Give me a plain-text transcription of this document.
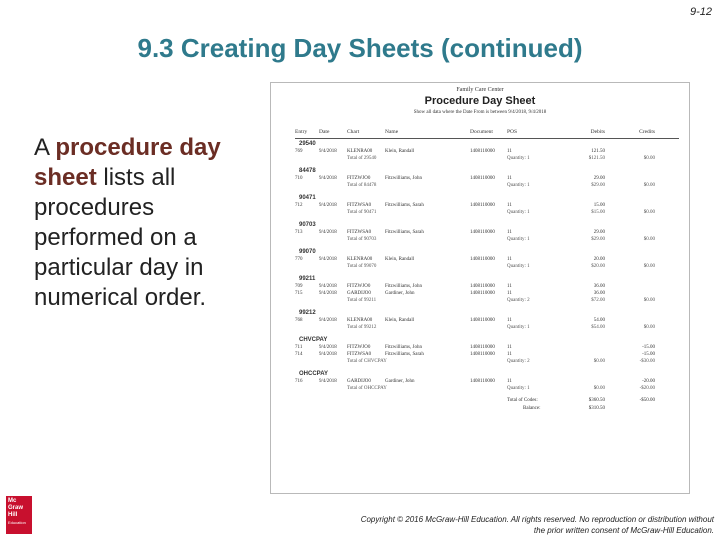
9-12
9.3 Creating Day Sheets (continued)
A procedure day sheet lists all procedures performed on a particular day in numerical order.
Family Care Center
Procedure Day Sheet
Show all data where the Date From is between 9/4/2018, 9/4/2018
Entry Date	Chart	Name	Document	POS	Debits	Credits
29540
769	9/4/2018 KLENRA00	Klein, Randall	1408110000 11	121.50
Total of 29540	Quantity: 1	$121.50	$0.00
84478
710	9/4/2018 FITZWJO0	Fitzwilliams, John	1408110000 11	29.00
Total of 84478	Quantity: 1	$29.00	$0.00
90471
712	9/4/2018 FITZWSA0	Fitzwilliams, Sarah	1408110000 11	15.00
Total of 90471	Quantity: 1	$15.00	$0.00
90703
713	9/4/2018 FITZWSA0	Fitzwilliams, Sarah	1408110000 11	29.00
Total of 90703	Quantity: 1	$29.00	$0.00
99070
770	9/4/2018 KLENRA00	Klein, Randall	1408110000 11	20.00
Total of 99070	Quantity: 1	$20.00	$0.00
99211
709	9/4/2018 FITZWJO0	Fitzwilliams, John	1408110000 11	36.00
715	9/4/2018 GARDIJO0	Gardiner, John	1408110000 11	36.00
Total of 99211	Quantity: 2	$72.00	$0.00
99212
768	9/4/2018 KLENRA00	Klein, Randall	1408110000 11	54.00
Total of 99212	Quantity: 1	$54.00	$0.00
CHVCPAY
711	9/4/2018 FITZWJO0	Fitzwilliams, John	1408110000 11	-15.00
714	9/4/2018 FITZWSA0	Fitzwilliams, Sarah	1408110000 11	-15.00
Total of CHVCPAY	Quantity: 2	$0.00	-$30.00
OHCCPAY
716	9/4/2018 GARDIJO0	Gardiner, John	1408110000 11	-20.00
Total of OHCCPAY	Quantity: 1	$0.00	-$20.00
Total of Codes:	$360.50	-$50.00
Balance:	$310.50
Mc
Graw
Hill
Education	Copyright © 2016 McGraw-Hill Education. All rights reserved. No reproduction or distribution without the prior written consent of McGraw-Hill Education.
